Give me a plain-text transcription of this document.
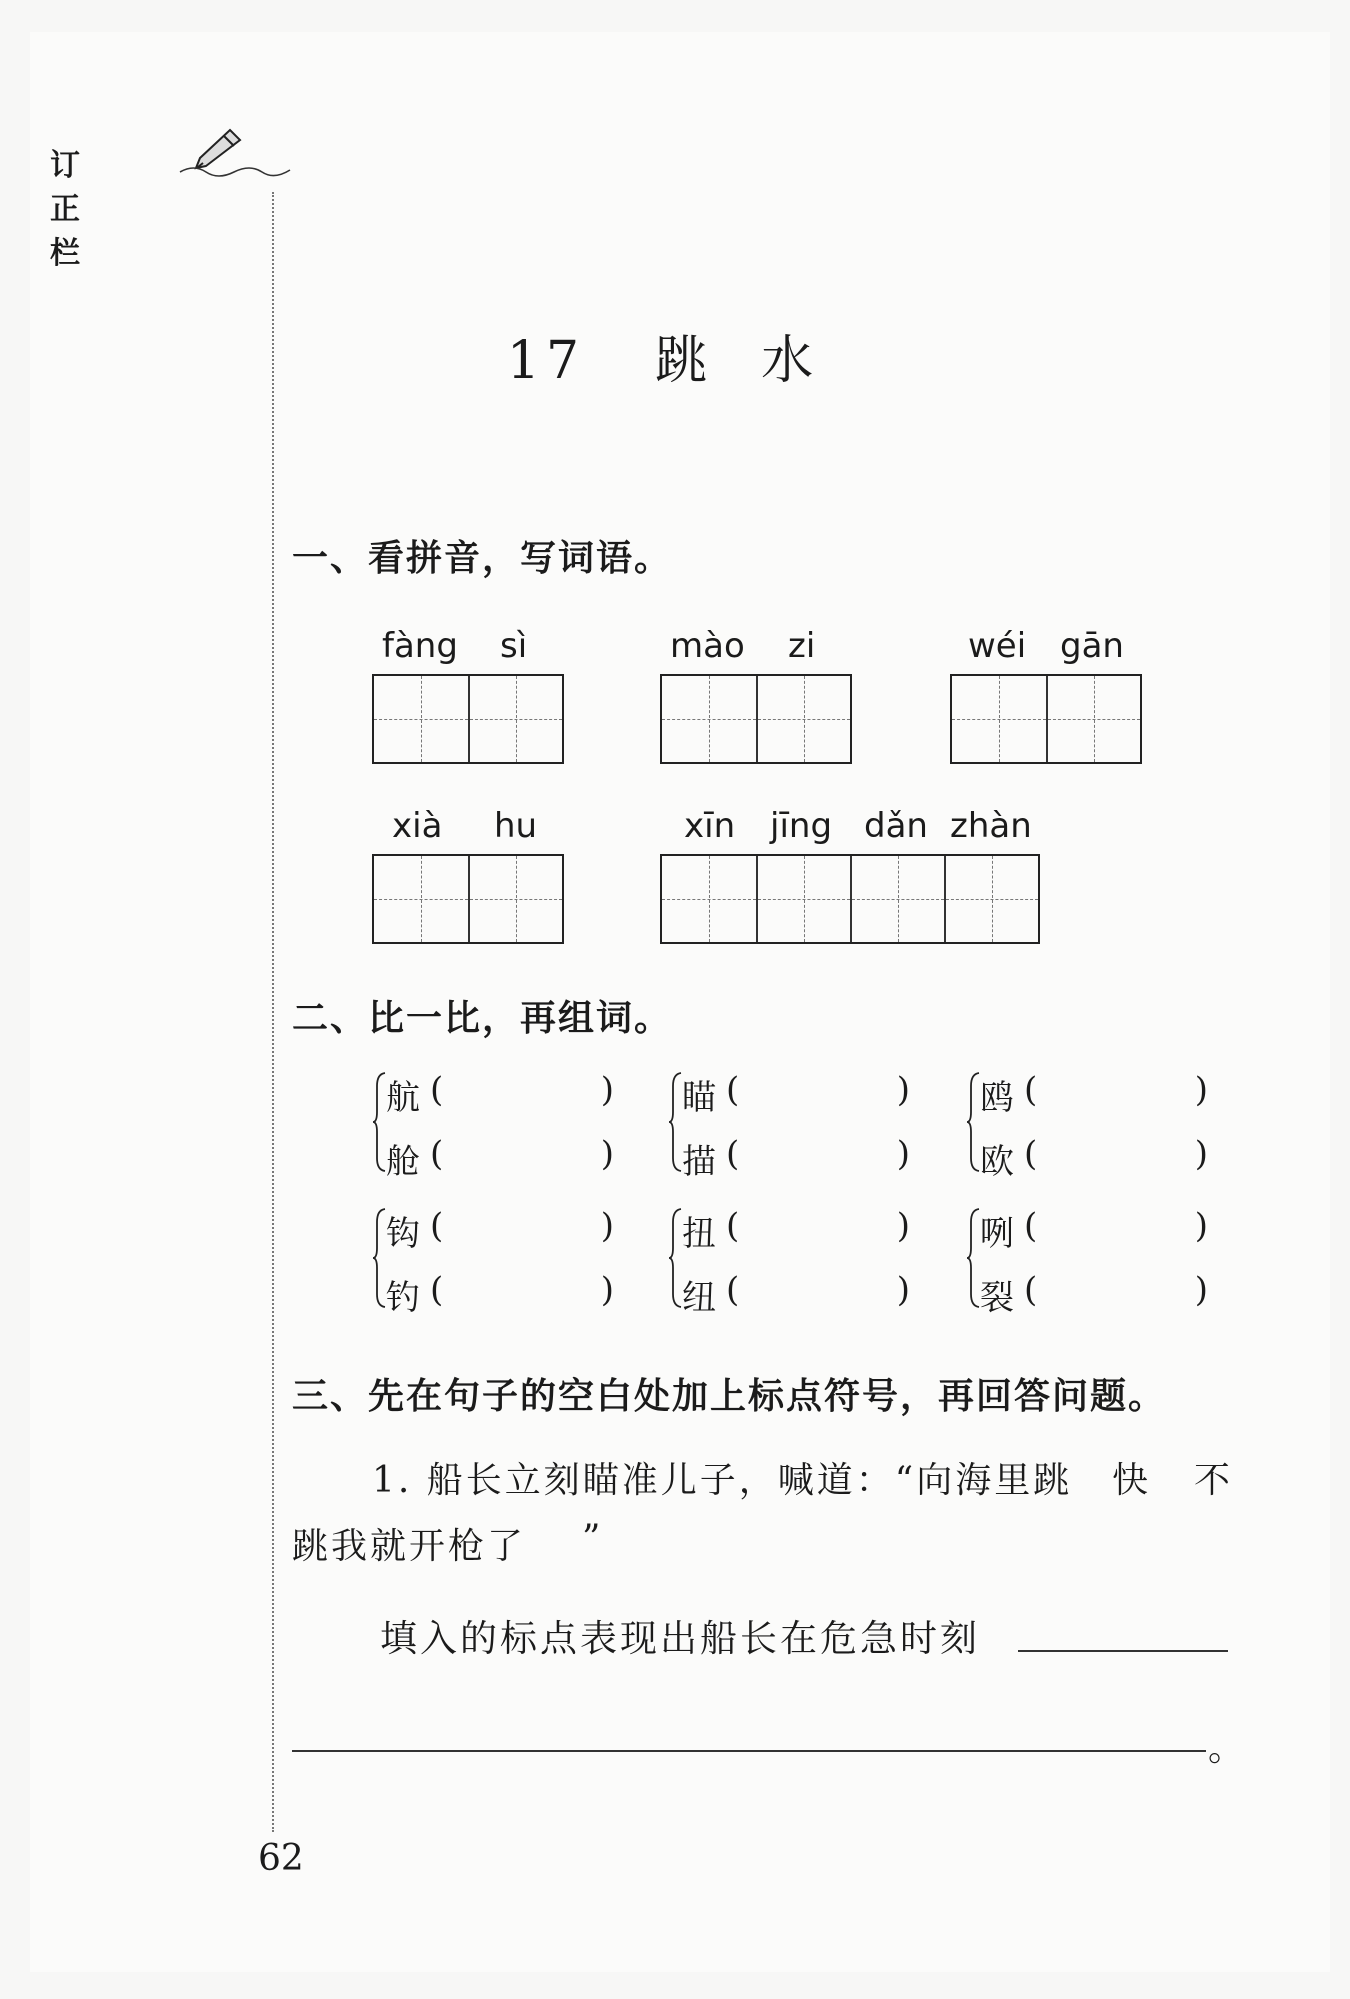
订正栏
17 跳 水
一、看拼音，写词语。
fàng sì	mào zi	wéi gān
xià hu	xīn jīng dǎn zhàn
二、比一比，再组词。
航 (	)
舱 (	)
瞄 (	)
描 (	)
鸥 (	)
欧 (	)
钩 (	)
钓 (	)
扭 (	)
纽 (	)
咧 (	)
裂 (	)
三、先在句子的空白处加上标点符号，再回答问题。
1. 船长立刻瞄准儿子，喊道：“向海里跳 快 不
跳我就开枪了 ”
填入的标点表现出船长在危急时刻
。
62
